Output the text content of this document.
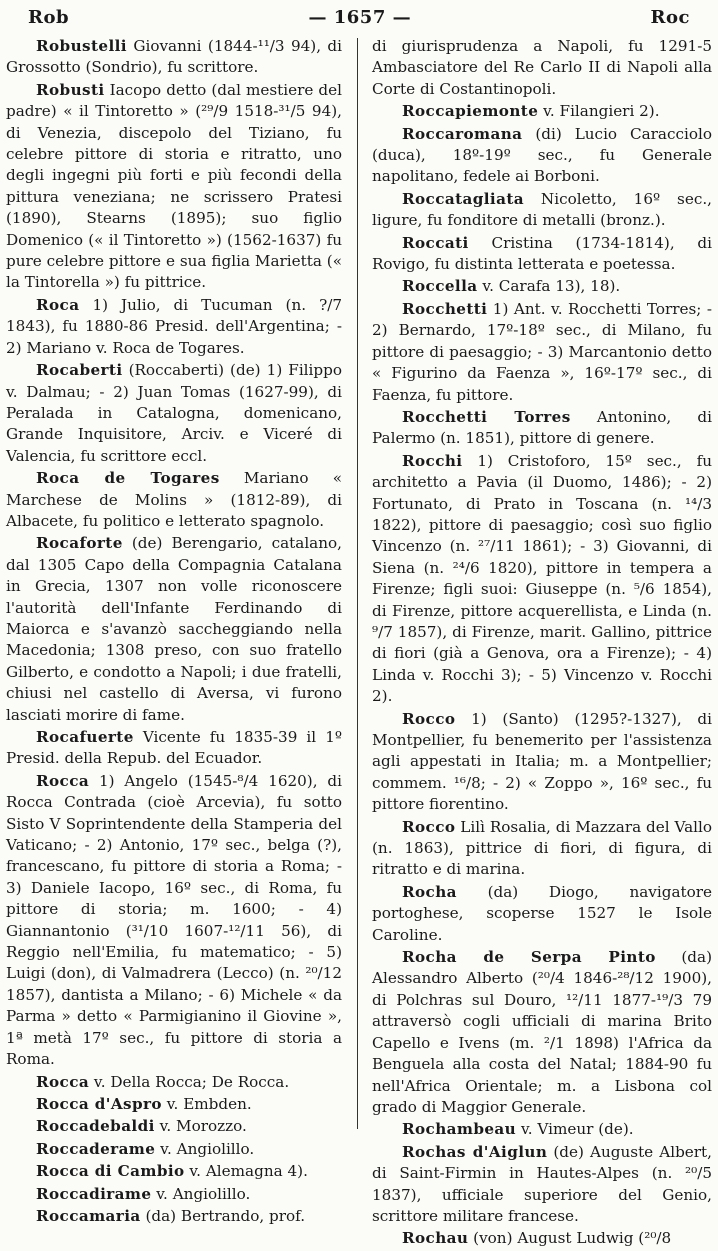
Rob	— 1657 —	Roc

Robustelli Giovanni (1844-¹¹/3 94), di Grossotto (Sondrio), fu scrittore.

Robusti Iacopo detto (dal mestiere del padre) « il Tintoretto » (²⁹/9 1518-³¹/5 94), di Venezia, discepolo del Tiziano, fu celebre pittore di storia e ritratto, uno degli ingegni più forti e più fecondi della pittura veneziana; ne scrissero Pratesi (1890), Stearns (1895); suo figlio Domenico (« il Tintoretto ») (1562-1637) fu pure celebre pittore e sua figlia Marietta (« la Tintorella ») fu pittrice.

Roca 1) Julio, di Tucuman (n. ?/7 1843), fu 1880-86 Presid. dell'Argentina; - 2) Mariano v. Roca de Togares.

Rocaberti (Roccaberti) (de) 1) Filippo v. Dalmau; - 2) Juan Tomas (1627-99), di Peralada in Catalogna, domenicano, Grande Inquisitore, Arciv. e Viceré di Valencia, fu scrittore eccl.

Roca de Togares Mariano « Marchese de Molins » (1812-89), di Albacete, fu politico e letterato spagnolo.

Rocaforte (de) Berengario, catalano, dal 1305 Capo della Compagnia Catalana in Grecia, 1307 non volle riconoscere l'autorità dell'Infante Ferdinando di Maiorca e s'avanzò saccheggiando nella Macedonia; 1308 preso, con suo fratello Gilberto, e condotto a Napoli; i due fratelli, chiusi nel castello di Aversa, vi furono lasciati morire di fame.

Rocafuerte Vicente fu 1835-39 il 1º Presid. della Repub. del Ecuador.

Rocca 1) Angelo (1545-⁸/4 1620), di Rocca Contrada (cioè Arcevia), fu sotto Sisto V Soprintendente della Stamperia del Vaticano; - 2) Antonio, 17º sec., belga (?), francescano, fu pittore di storia a Roma; - 3) Daniele Iacopo, 16º sec., di Roma, fu pittore di storia; m. 1600; - 4) Giannantonio (³¹/10 1607-¹²/11 56), di Reggio nell'Emilia, fu matematico; - 5) Luigi (don), di Valmadrera (Lecco) (n. ²⁰/12 1857), dantista a Milano; - 6) Michele « da Parma » detto « Parmigianino il Giovine », 1ª metà 17º sec., fu pittore di storia a Roma.

Rocca v. Della Rocca; De Rocca.

Rocca d'Aspro v. Embden.

Roccadebaldi v. Morozzo.

Roccaderame v. Angiolillo.

Rocca di Cambio v. Alemagna 4).

Roccadirame v. Angiolillo.

Roccamaria (da) Bertrando, prof.

di giurisprudenza a Napoli, fu 1291-5 Ambasciatore del Re Carlo II di Napoli alla Corte di Costantinopoli.

Roccapiemonte v. Filangieri 2).

Roccaromana (di) Lucio Caracciolo (duca), 18º-19º sec., fu Generale napolitano, fedele ai Borboni.

Roccatagliata Nicoletto, 16º sec., ligure, fu fonditore di metalli (bronz.).

Roccati Cristina (1734-1814), di Rovigo, fu distinta letterata e poetessa.

Roccella v. Carafa 13), 18).

Rocchetti 1) Ant. v. Rocchetti Torres; - 2) Bernardo, 17º-18º sec., di Milano, fu pittore di paesaggio; - 3) Marcantonio detto « Figurino da Faenza », 16º-17º sec., di Faenza, fu pittore.

Rocchetti Torres Antonino, di Palermo (n. 1851), pittore di genere.

Rocchi 1) Cristoforo, 15º sec., fu architetto a Pavia (il Duomo, 1486); - 2) Fortunato, di Prato in Toscana (n. ¹⁴/3 1822), pittore di paesaggio; così suo figlio Vincenzo (n. ²⁷/11 1861); - 3) Giovanni, di Siena (n. ²⁴/6 1820), pittore in tempera a Firenze; figli suoi: Giuseppe (n. ⁵/6 1854), di Firenze, pittore acquerellista, e Linda (n. ⁹/7 1857), di Firenze, marit. Gallino, pittrice di fiori (già a Genova, ora a Firenze); - 4) Linda v. Rocchi 3); - 5) Vincenzo v. Rocchi 2).

Rocco 1) (Santo) (1295?-1327), di Montpellier, fu benemerito per l'assistenza agli appestati in Italia; m. a Montpellier; commem. ¹⁶/8; - 2) « Zoppo », 16º sec., fu pittore fiorentino.

Rocco Lilì Rosalia, di Mazzara del Vallo (n. 1863), pittrice di fiori, di figura, di ritratto e di marina.

Rocha (da) Diogo, navigatore portoghese, scoperse 1527 le Isole Caroline.

Rocha de Serpa Pinto (da) Alessandro Alberto (²⁰/4 1846-²⁸/12 1900), di Polchras sul Douro, ¹²/11 1877-¹⁹/3 79 attraversò cogli ufficiali di marina Brito Capello e Ivens (m. ²/1 1898) l'Africa da Benguela alla costa del Natal; 1884-90 fu nell'Africa Orientale; m. a Lisbona col grado di Maggior Generale.

Rochambeau v. Vimeur (de).

Rochas d'Aiglun (de) Auguste Albert, di Saint-Firmin in Hautes-Alpes (n. ²⁰/5 1837), ufficiale superiore del Genio, scrittore militare francese.

Rochau (von) August Ludwig (²⁰/8
